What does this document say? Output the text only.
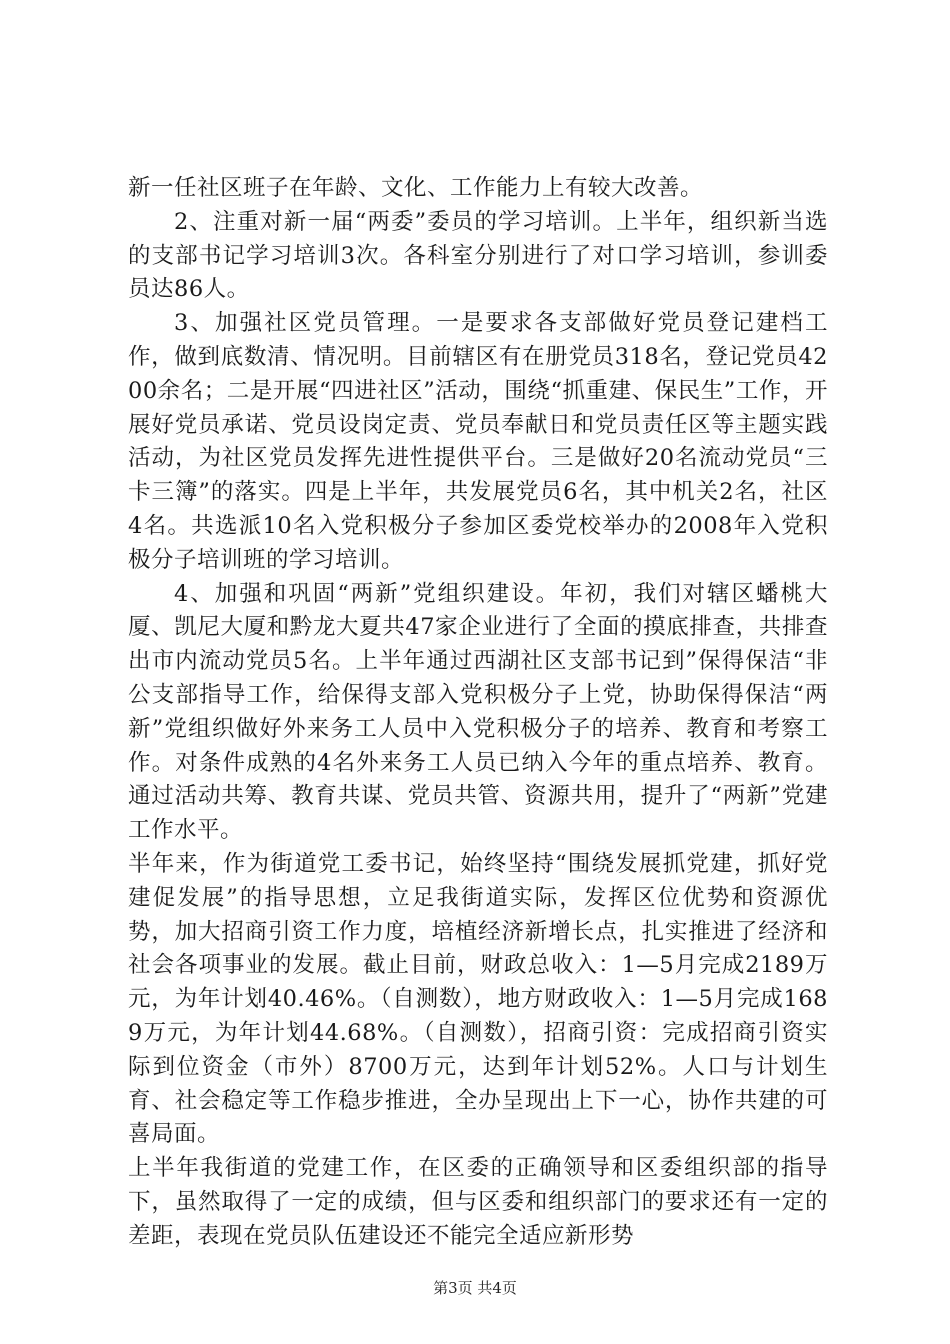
新一任社区班子在年龄、文化、工作能力上有较大改善。

2、注重对新一届“两委”委员的学习培训。上半年，组织新当选的支部书记学习培训3次。各科室分别进行了对口学习培训，参训委员达86人。

3、加强社区党员管理。一是要求各支部做好党员登记建档工作，做到底数清、情况明。目前辖区有在册党员318名，登记党员4200余名；二是开展“四进社区”活动，围绕“抓重建、保民生”工作，开展好党员承诺、党员设岗定责、党员奉献日和党员责任区等主题实践活动，为社区党员发挥先进性提供平台。三是做好20名流动党员“三卡三簿”的落实。四是上半年，共发展党员6名，其中机关2名，社区4名。共选派10名入党积极分子参加区委党校举办的2008年入党积极分子培训班的学习培训。

4、加强和巩固“两新”党组织建设。年初，我们对辖区蟠桃大厦、凯尼大厦和黔龙大夏共47家企业进行了全面的摸底排查，共排查出市内流动党员5名。上半年通过西湖社区支部书记到”保得保洁“非公支部指导工作，给保得支部入党积极分子上党，协助保得保洁“两新”党组织做好外来务工人员中入党积极分子的培养、教育和考察工作。对条件成熟的4名外来务工人员已纳入今年的重点培养、教育。通过活动共筹、教育共谋、党员共管、资源共用，提升了“两新”党建工作水平。

半年来，作为街道党工委书记，始终坚持“围绕发展抓党建，抓好党建促发展”的指导思想，立足我街道实际，发挥区位优势和资源优势，加大招商引资工作力度，培植经济新增长点，扎实推进了经济和社会各项事业的发展。截止目前，财政总收入：1—5月完成2189万元，为年计划40.46%。（自测数），地方财政收入：1—5月完成1689万元，为年计划44.68%。（自测数），招商引资：完成招商引资实际到位资金（市外）8700万元，达到年计划52%。人口与计划生育、社会稳定等工作稳步推进，全办呈现出上下一心，协作共建的可喜局面。

上半年我街道的党建工作，在区委的正确领导和区委组织部的指导下，虽然取得了一定的成绩，但与区委和组织部门的要求还有一定的差距，表现在党员队伍建设还不能完全适应新形势

第3页 共4页
